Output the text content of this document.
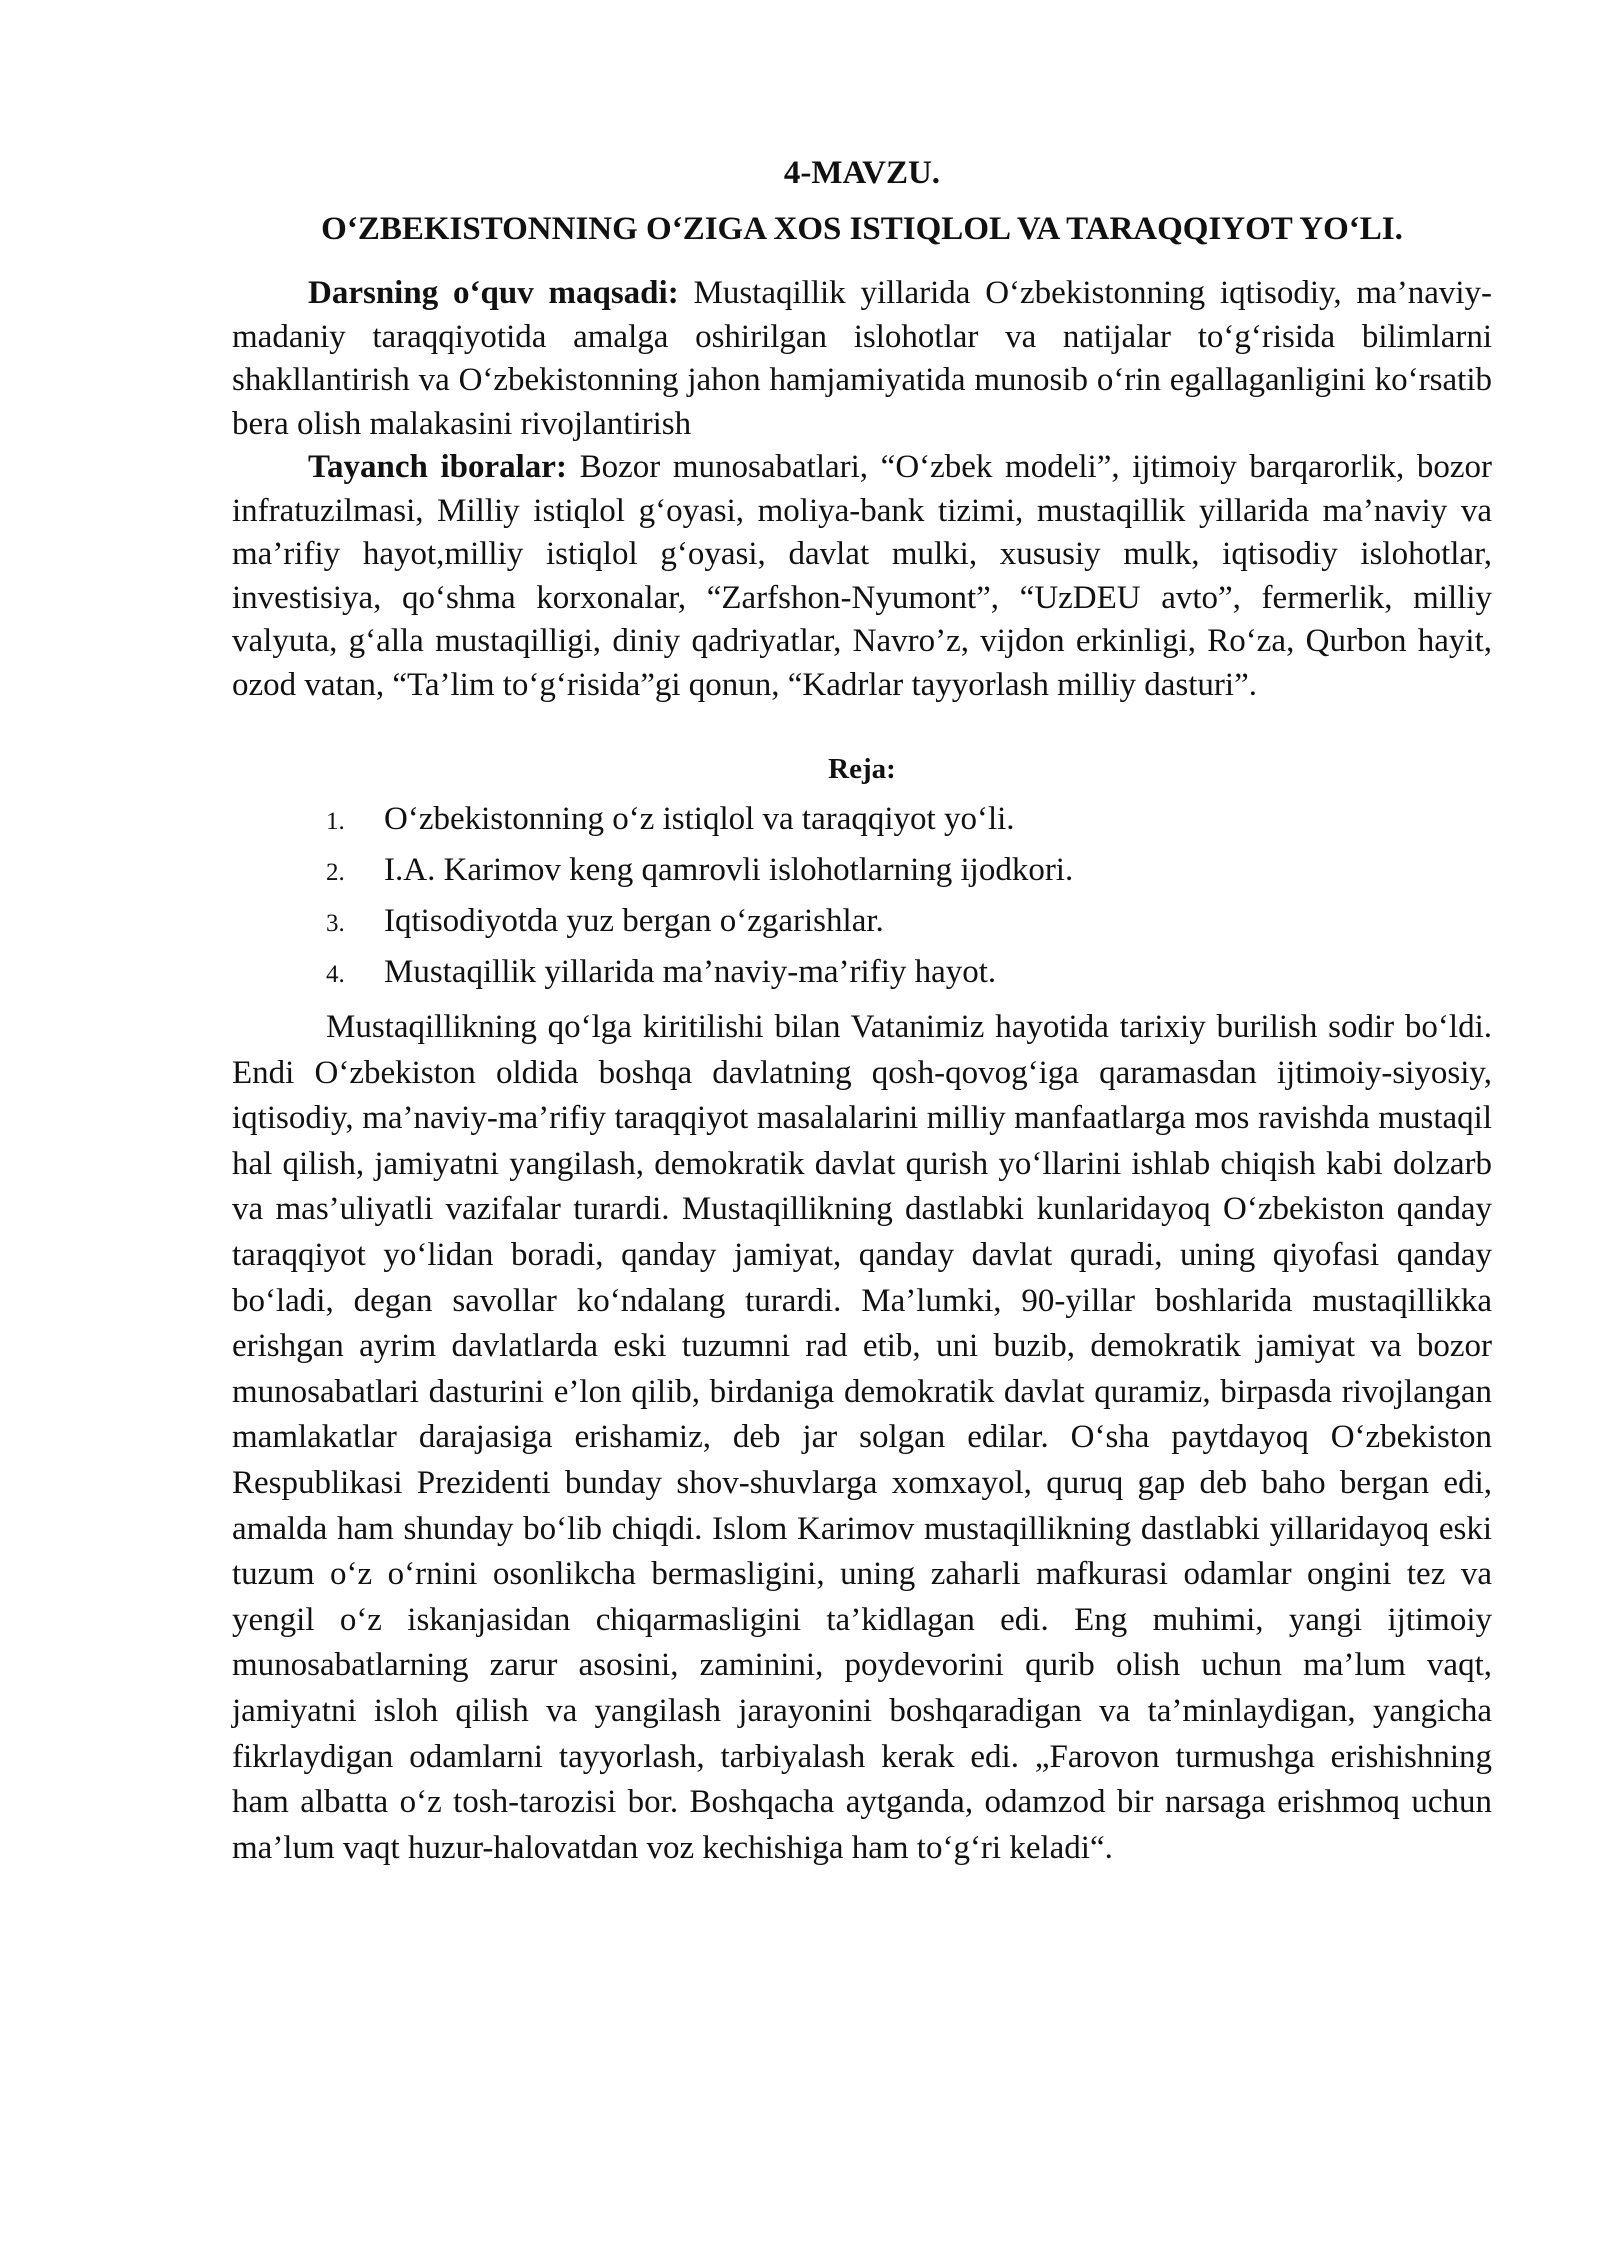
4-MAVZU.
O‘ZBEKISTONNING O‘ZIGA XOS ISTIQLOL VA TARAQQIYOT YO‘LI.

Darsning o‘quv maqsadi: Mustaqillik yillarida O‘zbekistonning iqtisodiy, ma’naviy-madaniy taraqqiyotida amalga oshirilgan islohotlar va natijalar to‘g‘risida bilimlarni shakllantirish va O‘zbekistonning jahon hamjamiyatida munosib o‘rin egallaganligini ko‘rsatib bera olish malakasini rivojlantirish

Tayanch iboralar: Bozor munosabatlari, “O‘zbek modeli”, ijtimoiy barqarorlik, bozor infratuzilmasi, Milliy istiqlol g‘oyasi, moliya-bank tizimi, mustaqillik yillarida ma’naviy va ma’rifiy hayot,milliy istiqlol g‘oyasi, davlat mulki, xususiy mulk, iqtisodiy islohotlar, investisiya, qo‘shma korxonalar, “Zarfshon-Nyumont”, “UzDEU avto”, fermerlik, milliy valyuta, g‘alla mustaqilligi, diniy qadriyatlar, Navro’z, vijdon erkinligi, Ro‘za, Qurbon hayit, ozod vatan, “Ta’lim to‘g‘risida”gi qonun, “Kadrlar tayyorlash milliy dasturi”.

Reja:
1.	O‘zbekistonning o‘z istiqlol va taraqqiyot yo‘li.
2.	I.A. Karimov keng qamrovli islohotlarning ijodkori.
3.	Iqtisodiyotda yuz bergan o‘zgarishlar.
4.	Mustaqillik yillarida ma’naviy-ma’rifiy hayot.

Mustaqillikning qo‘lga kiritilishi bilan Vatanimiz hayotida tarixiy burilish sodir bo‘ldi. Endi O‘zbekiston oldida boshqa davlatning qosh-qovog‘iga qaramasdan ijtimoiy-siyosiy, iqtisodiy, ma’naviy-ma’rifiy taraqqiyot masalalarini milliy manfaatlarga mos ravishda mustaqil hal qilish, jamiyatni yangilash, demokratik davlat qurish yo‘llarini ishlab chiqish kabi dolzarb va mas’uliyatli vazifalar turardi. Mustaqillikning dastlabki kunlaridayoq O‘zbekiston qanday taraqqiyot yo‘lidan boradi, qanday jamiyat, qanday davlat quradi, uning qiyofasi qanday bo‘ladi, degan savollar ko‘ndalang turardi. Ma’lumki, 90-yillar boshlarida mustaqillikka erishgan ayrim davlatlarda eski tuzumni rad etib, uni buzib, demokratik jamiyat va bozor munosabatlari dasturini e’lon qilib, birdaniga demokratik davlat quramiz, birpasda rivojlangan mamlakatlar darajasiga erishamiz, deb jar solgan edilar. O‘sha paytdayoq O‘zbekiston Respublikasi Prezidenti bunday shov-shuvlarga xomxayol, quruq gap deb baho bergan edi, amalda ham shunday bo‘lib chiqdi. Islom Karimov mustaqillikning dastlabki yillaridayoq eski tuzum o‘z o‘rnini osonlikcha bermasligini, uning zaharli mafkurasi odamlar ongini tez va yengil o‘z iskanjasidan chiqarmasligini ta’kidlagan edi. Eng muhimi, yangi ijtimoiy munosabatlarning zarur asosini, zaminini, poydevorini qurib olish uchun ma’lum vaqt, jamiyatni isloh qilish va yangilash jarayonini boshqaradigan va ta’minlaydigan, yangicha fikrlaydigan odamlarni tayyorlash, tarbiyalash kerak edi. „Farovon turmushga erishishning ham albatta o‘z tosh-tarozisi bor. Boshqacha aytganda, odamzod bir narsaga erishmoq uchun ma’lum vaqt huzur-halovatdan voz kechishiga ham to‘g‘ri keladi“.
